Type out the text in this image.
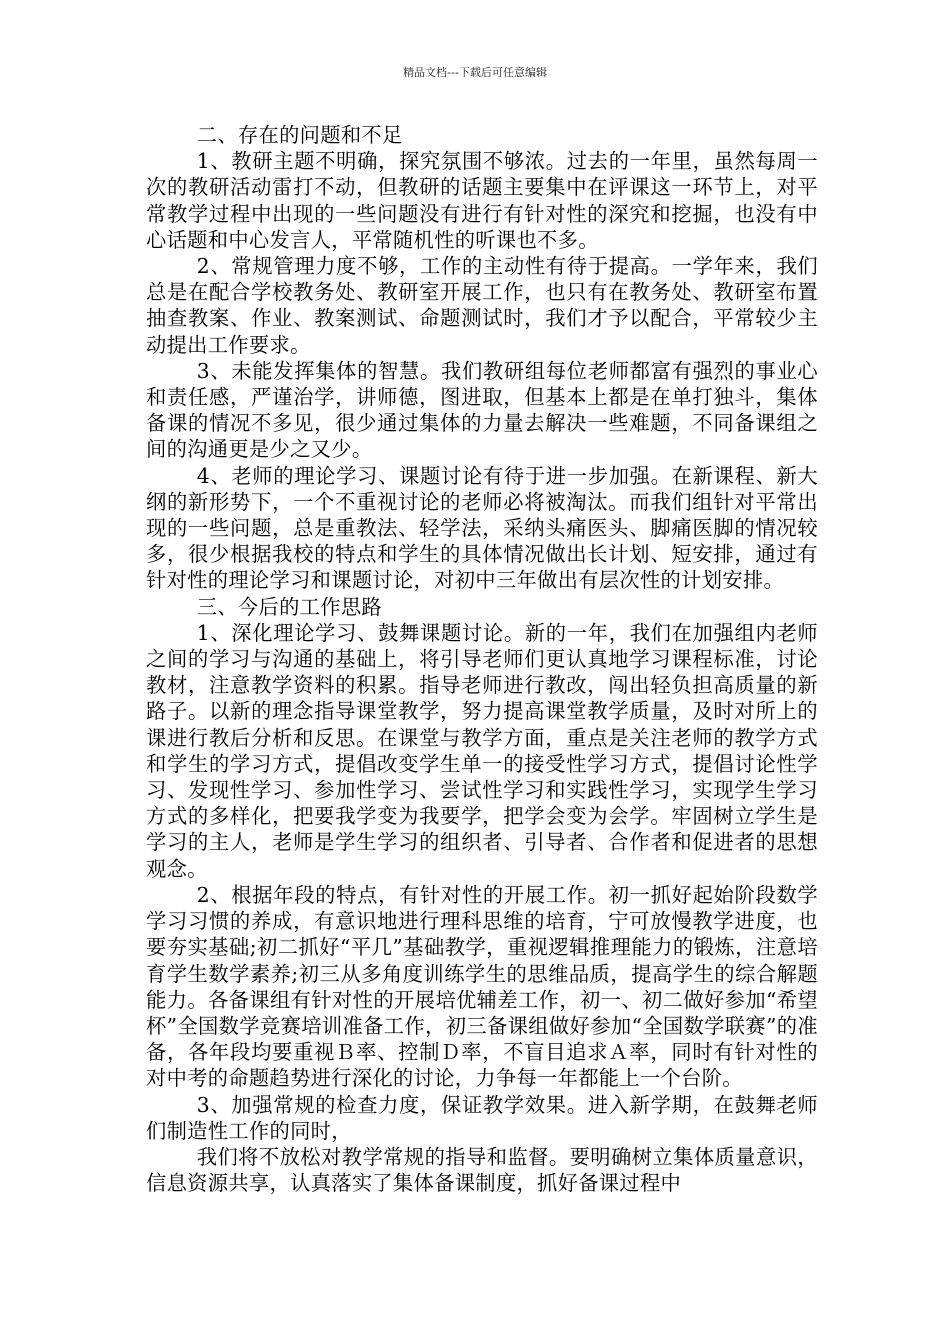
精品文档---下载后可任意编辑

二、存在的问题和不足

1、教研主题不明确，探究氛围不够浓。过去的一年里，虽然每周一次的教研活动雷打不动，但教研的话题主要集中在评课这一环节上，对平常教学过程中出现的一些问题没有进行有针对性的深究和挖掘，也没有中心话题和中心发言人，平常随机性的听课也不多。

2、常规管理力度不够，工作的主动性有待于提高。一学年来，我们总是在配合学校教务处、教研室开展工作，也只有在教务处、教研室布置抽查教案、作业、教案测试、命题测试时，我们才予以配合，平常较少主动提出工作要求。

3、未能发挥集体的智慧。我们教研组每位老师都富有强烈的事业心和责任感，严谨治学，讲师德，图进取，但基本上都是在单打独斗，集体备课的情况不多见，很少通过集体的力量去解决一些难题，不同备课组之间的沟通更是少之又少。

4、老师的理论学习、课题讨论有待于进一步加强。在新课程、新大纲的新形势下，一个不重视讨论的老师必将被淘汰。而我们组针对平常出现的一些问题，总是重教法、轻学法，采纳头痛医头、脚痛医脚的情况较多，很少根据我校的特点和学生的具体情况做出长计划、短安排，通过有针对性的理论学习和课题讨论，对初中三年做出有层次性的计划安排。

三、今后的工作思路

1、深化理论学习、鼓舞课题讨论。新的一年，我们在加强组内老师之间的学习与沟通的基础上，将引导老师们更认真地学习课程标准，讨论教材，注意教学资料的积累。指导老师进行教改，闯出轻负担高质量的新路子。以新的理念指导课堂教学，努力提高课堂教学质量，及时对所上的课进行教后分析和反思。在课堂与教学方面，重点是关注老师的教学方式和学生的学习方式，提倡改变学生单一的接受性学习方式，提倡讨论性学习、发现性学习、参加性学习、尝试性学习和实践性学习，实现学生学习方式的多样化，把要我学变为我要学，把学会变为会学。牢固树立学生是学习的主人，老师是学生学习的组织者、引导者、合作者和促进者的思想观念。

2、根据年段的特点，有针对性的开展工作。初一抓好起始阶段数学学习习惯的养成，有意识地进行理科思维的培育，宁可放慢教学进度，也要夯实基础;初二抓好“平几”基础教学，重视逻辑推理能力的锻炼，注意培育学生数学素养;初三从多角度训练学生的思维品质，提高学生的综合解题能力。各备课组有针对性的开展培优辅差工作，初一、初二做好参加“希望杯”全国数学竞赛培训准备工作，初三备课组做好参加“全国数学联赛”的准备，各年段均要重视Ｂ率、控制Ｄ率，不盲目追求Ａ率，同时有针对性的对中考的命题趋势进行深化的讨论，力争每一年都能上一个台阶。

3、加强常规的检查力度，保证教学效果。进入新学期，在鼓舞老师们制造性工作的同时，

我们将不放松对教学常规的指导和监督。要明确树立集体质量意识，信息资源共享，认真落实了集体备课制度，抓好备课过程中
